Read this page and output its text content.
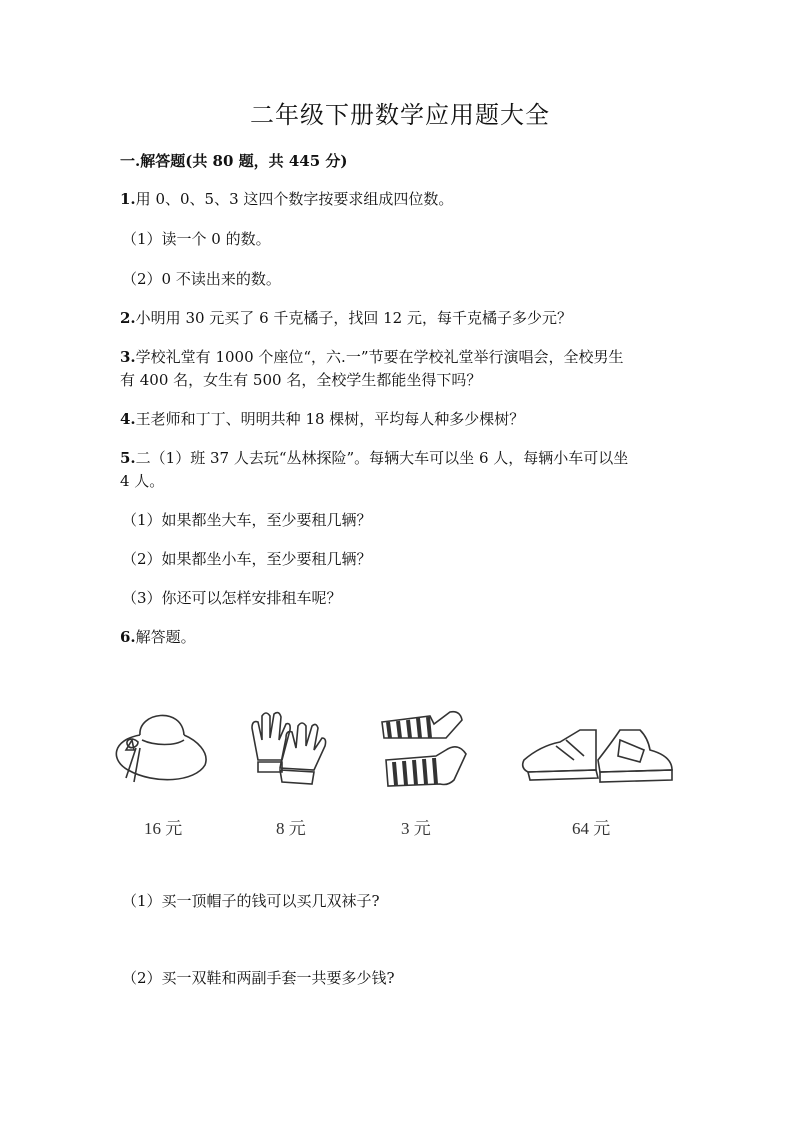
二年级下册数学应用题大全
一.解答题(共 80 题，共 445 分)
1.用 0、0、5、3 这四个数字按要求组成四位数。
（1）读一个 0 的数。
（2）0 不读出来的数。
2.小明用 30 元买了 6 千克橘子，找回 12 元，每千克橘子多少元？
3.学校礼堂有 1000 个座位“，六.一”节要在学校礼堂举行演唱会，全校男生
有 400 名，女生有 500 名，全校学生都能坐得下吗？
4.王老师和丁丁、明明共种 18 棵树，平均每人种多少棵树？
5.二（1）班 37 人去玩“丛林探险”。每辆大车可以坐 6 人，每辆小车可以坐
4 人。
（1）如果都坐大车，至少要租几辆？
（2）如果都坐小车，至少要租几辆？
（3）你还可以怎样安排租车呢？
6.解答题。
16 元	8 元	3 元	64 元
（1）买一顶帽子的钱可以买几双袜子?
（2）买一双鞋和两副手套一共要多少钱?
